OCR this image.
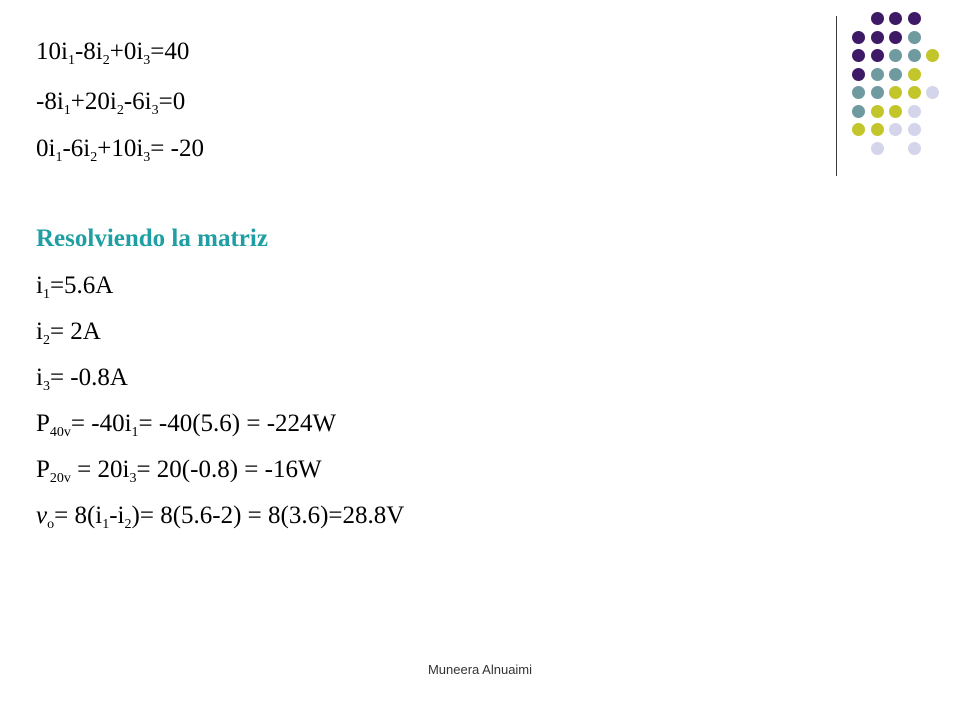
$10i_1-8i_2+0i_3=40$
$-8i_1+20i_2-6i_3=0$
$0i_1-6i_2+10i_3= -20$
Resolviendo la matriz
$i_1=5.6A$
$i_2= 2A$
$i_3= -0.8A$
$P_{40v}= -40i_1= -40(5.6) = -224W$
$P_{20v} = 20i_3= 20(-0.8) = -16W$
$v_o= 8(i_1-i_2)= 8(5.6-2) = 8(3.6)=28.8V$
Muneera Alnuaimi
